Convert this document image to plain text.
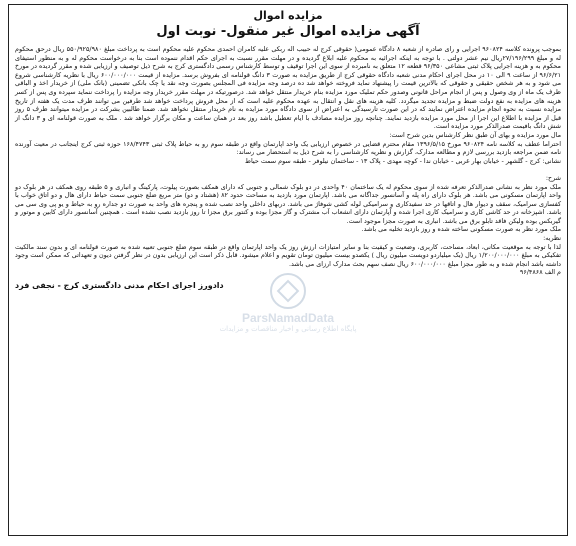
مزایده اموال
آگهی مزایده اموال غیر منقول- نوبت اول

بموجب پرونده کلاسه ۹۶۰۸۲۴ اجرایی و رای صادره از شعبه ۸ دادگاه عمومی( حقوقی کرج له حبیب اله ربکی علیه کامران احمدی محکوم علیه محکوم است به پرداخت مبلغ ۵۵۰/۹۲۵/۹۸۰ ریال درحق محکوم له و مبلغ ۲۷/۱۹۶/۲۹۹ریال نیم عشر دولتی . با توجه به اینکه اجرائیه به محکوم علیه ابلاغ گردیده و در مهلت مقرر نسبت به اجرای حکم اقدام ننموده است بنا به درخواست محکوم له و به منظور استیفای محکوم به و هزینه اجرایی پلاک ثبتی مشاعی ۹۶/۳۵۰ قطعه ۱۲ متعلق به نامبرده از سوی این اجرا توقیف و توسط کارشناس رسمی دادگستری کرج به شرح ذیل توصیف و ارزیابی شده و مقرر گردیده در مورخ ۹۶/۶/۲۱ از ساعت ۹ الی ۱۰ در محل اجرای احکام مدنی شعبه دادگاه حقوقی کرج از طریق مزایده به صورت ۳ دانگ قولنامه ای بفروش برسد. مزایده از قیمت ۶۰۰/۰۰۰/۰۰۰ ریال با نظریه کارشناسی شروع می شود و به هر شخص حقیقی و حقوقی که بالاترین قیمت را پیشنهاد نماید فروخته خواهد شد ده درصد وجه مزایده فی المجلس بصورت وجه نقد یا چک بانکی تضمینی (بانک ملی) از خریدار اخذ و الباقی ظرف یک ماه از وی وصول و پس از انجام مراحل قانونی وصدور حکم تملیک مورد مزایده بنام خریدار منتقل خواهد شد. درصورتیکه در مهلت مقرر خریدار وجه مزایده را پرداخت ننماید سپرده وی پس از کسر هزینه های مزایده به نفع دولت ضبط و مزایده تجدید میگردد. کلیه هزینه های نقل و انتقال به عهده محکوم علیه است که از محل فروش پرداخت خواهد شد طرفین می توانند ظرف مدت یک هفته از تاریخ مزایده نسبت به نحوه انجام مزایده اعتراض نمایند که در این صورت تارسیدگی به اعتراض از سوی دادگاه مورد مزایده به نام خریدار منتقل نخواهد شد. ضمنا طالبین بشرکت در مزایده میتوانند ظرف ۵ روز قبل از مزایده با اطلاع این اجرا از محل مورد مزایده بازدید نمایند. چنانچه روز مزایده مصادف با ایام تعطیل باشد روز بعد در همان ساعت و مکان برگزار خواهد شد . ملک به صورت قولنامه ای و ۳ دانگ از شش دانگ بافیمت صدرالذکر مورد مزایده است.

مال مورد مزایده و بهای آن طبق نظر کارشناس بدین شرح است:

احتراما عطف به کلاسه نامه ۹۶۰۸۲۴ مورخ ۱۳۹۶/۵/۱۵ مقام محترم قضایی در خصوص ارزیابی یک واحد اپارتمان واقع در طبقه سوم رو به حیاط پلاک ثبتی ۱۶۸/۴۷۴۳ حوزه ثبتی کرج اینجانب در معیت آورنده نامه ضمن مراجعه بازدید بررسی لازم و مطالعه مدارک، گزارش و نظریه کارشناسی را به شرح ذیل به استحضار می رساند:

نشانی: کرج - گلشهر - خیابان بهار غربی - خیابان ندا - کوچه مهدی - پلاک ۱۳ - ساختمان نیلوفر - طبقه سوم سمت حیاط

شرح:

ملک مورد نظر به نشانی صدرالذکر تعرفه شده از سوی محکوم له یک ساختمان ۴۰ واحدی در دو بلوک شمالی و جنوبی که دارای همکف بصورت پیلوت، پارکینگ و انباری و ۵ طبقه روی همکف در هر بلوک دو واحد اپارتمان مسکونی می باشد. هر بلوک دارای راه پله و آسانسور جداگانه می باشد. اپارتمان مورد بازدید به مساحت حدود ۸۲ (هشتاد و دو) متر مربع ضلع جنوبی سمت حیاط دارای هال و دو اتاق خواب با کفسازی سرامیک، سقف و دیوار هال و اتاقها در حد سفیدکاری و سرامیکی لوله کشی شوفاژ می باشد. دربهای داخلی واحد نصب شده و پنجره های واحد به صورت دو جداره رو به حیاط و یو پی وی سی می باشد. اشپزخانه در حد کاشی کاری و سرامیک کاری اجرا شده و آپارتمان دارای انشعاب آب مشترک و گاز مجزا بوده و کنتور برق مجزا تا روز بازدید نصب نشده است . همچنین آسانسور دارای کابین و موتور و گیربکس بوده ولیکن فاقد تابلو برق می باشد. انباری به صورت مجزا موجود است.

ملک مورد نظر به صورت مسکونی ساخته شده و روز بازدید تخلیه می باشد.

نظریه:

لذا با توجه به موقعیت مکانی، ابعاد، مساحت، کاربری، وضعیت و کیفیت بنا و سایر امتیازات ارزش روز یک واحد اپارتمان واقع در طبقه سوم ضلع جنوبی تعبیه شده به صورت قولنامه ای و بدون سند مالکیت تفکیکی به مبلغ ۱/۲۰۰/۰۰۰/۰۰۰ ریال (یک میلیاردو دویست میلیون ریال ) یکصدو بیست میلیون تومان تقویم و اعلام میشود. قابل ذکر است این ارزیابی بدون در نظر گرفتن دیون و تعهداتی که ممکن است وجود داشته باشد انجام شده و به طور مجزا مبلغ ۶۰۰/۰۰۰/۰۰۰ ریال نصف سهم بحث مدارک ارزای می باشد.

م الف ۹۶/۴۸۶۸

دادورز اجرای احکام مدنی دادگستری کرج - نجفی فرد
ParsNamadData
پایگاه اطلاع رسانی و اخبار مناقصات و مزایدات
